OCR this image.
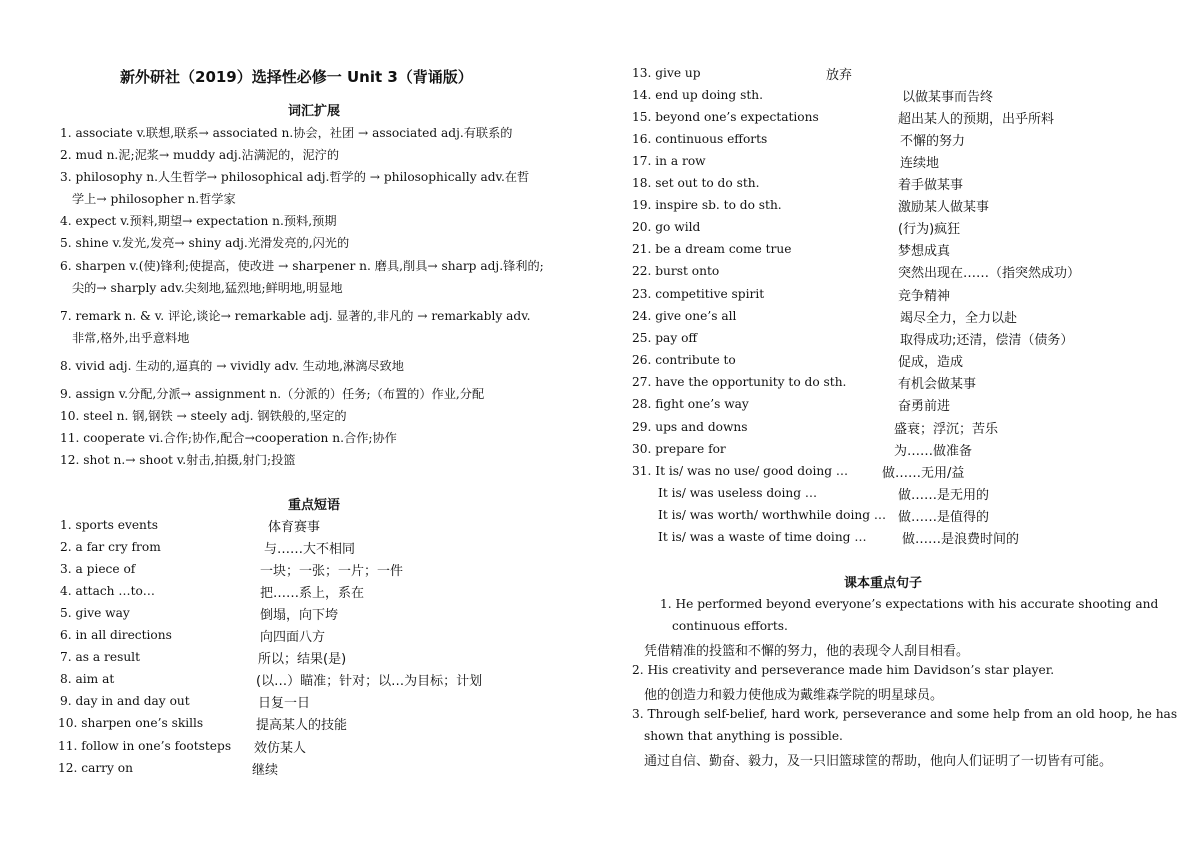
新外研社（2019）选择性必修一 Unit 3（背诵版）
词汇扩展
1. associate v.联想,联系→ associated n.协会，社团 → associated adj.有联系的
2. mud n.泥;泥浆→ muddy adj.沾满泥的，泥泞的
3. philosophy n.人生哲学→ philosophical adj.哲学的 → philosophically adv.在哲
学上→ philosopher n.哲学家
4. expect v.预料,期望→ expectation n.预料,预期
5. shine v.发光,发亮→ shiny adj.光滑发亮的,闪光的
6. sharpen v.(使)锋利;使提高，使改进 → sharpener n. 磨具,削具→ sharp adj.锋利的;
尖的→ sharply adv.尖刻地,猛烈地;鲜明地,明显地
7. remark n. & v. 评论,谈论→ remarkable adj. 显著的,非凡的 → remarkably adv.
非常,格外,出乎意料地
8. vivid adj. 生动的,逼真的 → vividly adv. 生动地,淋漓尽致地
9. assign v.分配,分派→ assignment n.（分派的）任务;（布置的）作业,分配
10. steel n. 钢,钢铁 → steely adj. 钢铁般的,坚定的
11. cooperate vi.合作;协作,配合→cooperation n.合作;协作
12. shot n.→ shoot v.射击,拍摄,射门;投篮
重点短语
1. sports events	体育赛事
2. a far cry from	与……大不相同
3. a piece of	一块；一张；一片；一件
4. attach …to…	把……系上，系在
5. give way	倒塌，向下垮
6. in all directions	向四面八方
7. as a result	所以；结果(是)
8. aim at	(以…）瞄准；针对；以…为目标；计划
9. day in and day out	日复一日
10. sharpen one’s skills	提高某人的技能
11. follow in one’s footsteps 效仿某人
12. carry on	继续
13. give up	放弃
14. end up doing sth.	以做某事而告终
15. beyond one’s expectations	超出某人的预期，出乎所料
16. continuous efforts	不懈的努力
17. in a row	连续地
18. set out to do sth.	着手做某事
19. inspire sb. to do sth.	激励某人做某事
20. go wild	(行为)疯狂
21. be a dream come true	梦想成真
22. burst onto	突然出现在……（指突然成功）
23. competitive spirit	竞争精神
24. give one’s all	竭尽全力，全力以赴
25. pay off	取得成功;还清，偿清（债务）
26. contribute to	促成，造成
27. have the opportunity to do sth.	有机会做某事
28. fight one’s way	奋勇前进
29. ups and downs	盛衰；浮沉；苦乐
30. prepare for	为……做准备
31. It is/ was no use/ good doing …	做……无用/益
It is/ was useless doing …	做……是无用的
It is/ was worth/ worthwhile doing … 做……是值得的
It is/ was a waste of time doing …	做……是浪费时间的
课本重点句子
1. He performed beyond everyone’s expectations with his accurate shooting and
continuous efforts.
凭借精准的投篮和不懈的努力，他的表现令人刮目相看。
2. His creativity and perseverance made him Davidson’s star player.
他的创造力和毅力使他成为戴维森学院的明星球员。
3. Through self-belief, hard work, perseverance and some help from an old hoop, he has
shown that anything is possible.
通过自信、勤奋、毅力，及一只旧篮球筐的帮助，他向人们证明了一切皆有可能。
